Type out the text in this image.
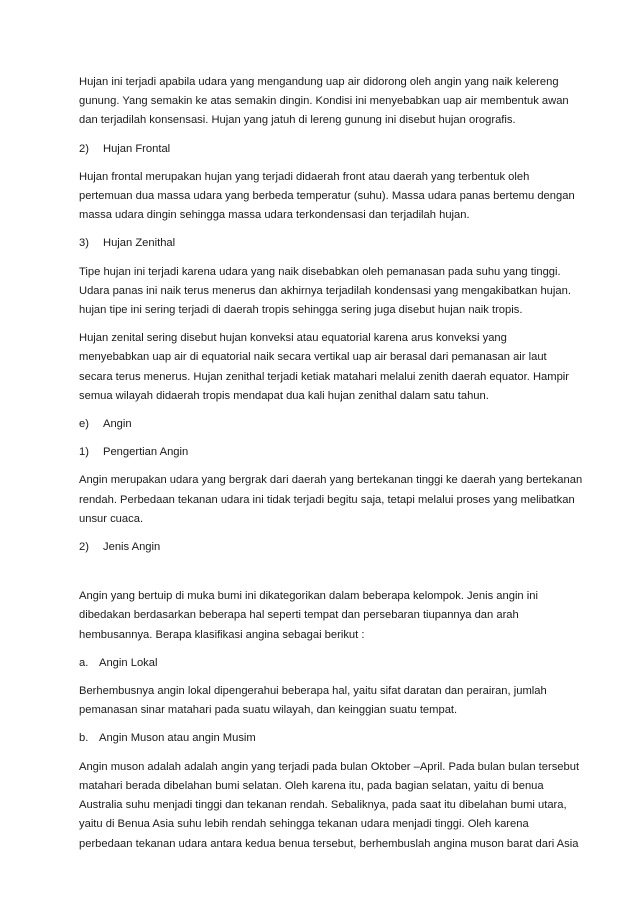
Hujan ini terjadi apabila udara yang mengandung uap air didorong oleh angin yang naik kelereng
gunung. Yang semakin ke atas semakin dingin. Kondisi ini menyebabkan uap air membentuk awan
dan terjadilah konsensasi. Hujan yang jatuh di lereng gunung ini disebut hujan orografis.
2)	Hujan Frontal
Hujan frontal merupakan hujan yang terjadi didaerah front atau daerah yang terbentuk oleh
pertemuan dua massa udara yang berbeda temperatur (suhu). Massa udara panas bertemu dengan
massa udara dingin sehingga massa udara terkondensasi dan terjadilah hujan.
3)	Hujan Zenithal
Tipe hujan ini terjadi karena udara yang naik disebabkan oleh pemanasan pada suhu yang tinggi.
Udara panas ini naik terus menerus dan akhirnya terjadilah kondensasi yang mengakibatkan hujan.
hujan tipe ini sering terjadi di daerah tropis sehingga sering juga disebut hujan naik tropis.
Hujan zenital sering disebut hujan konveksi atau equatorial karena arus konveksi yang
menyebabkan uap air di equatorial naik secara vertikal uap air berasal dari pemanasan air laut
secara terus menerus. Hujan zenithal terjadi ketiak matahari melalui zenith daerah equator. Hampir
semua wilayah didaerah tropis mendapat dua kali hujan zenithal dalam satu tahun.
e)	Angin
1)	Pengertian Angin
Angin merupakan udara yang bergrak dari daerah yang bertekanan tinggi ke daerah yang bertekanan
rendah. Perbedaan tekanan udara ini tidak terjadi begitu saja, tetapi melalui proses yang melibatkan
unsur cuaca.
2)	Jenis Angin
Angin yang bertuip di muka bumi ini dikategorikan dalam beberapa kelompok. Jenis angin ini
dibedakan berdasarkan beberapa hal seperti tempat dan persebaran tiupannya dan arah
hembusannya. Berapa klasifikasi angina sebagai berikut :
a. Angin Lokal
Berhembusnya angin lokal dipengerahui beberapa hal, yaitu sifat daratan dan perairan, jumlah
pemanasan sinar matahari pada suatu wilayah, dan keinggian suatu tempat.
b. Angin Muson atau angin Musim
Angin muson adalah adalah angin yang terjadi pada bulan Oktober –April. Pada bulan bulan tersebut
matahari berada dibelahan bumi selatan. Oleh karena itu, pada bagian selatan, yaitu di benua
Australia suhu menjadi tinggi dan tekanan rendah. Sebaliknya, pada saat itu dibelahan bumi utara,
yaitu di Benua Asia suhu lebih rendah sehingga tekanan udara menjadi tinggi. Oleh karena
perbedaan tekanan udara antara kedua benua tersebut, berhembuslah angina muson barat dari Asia
